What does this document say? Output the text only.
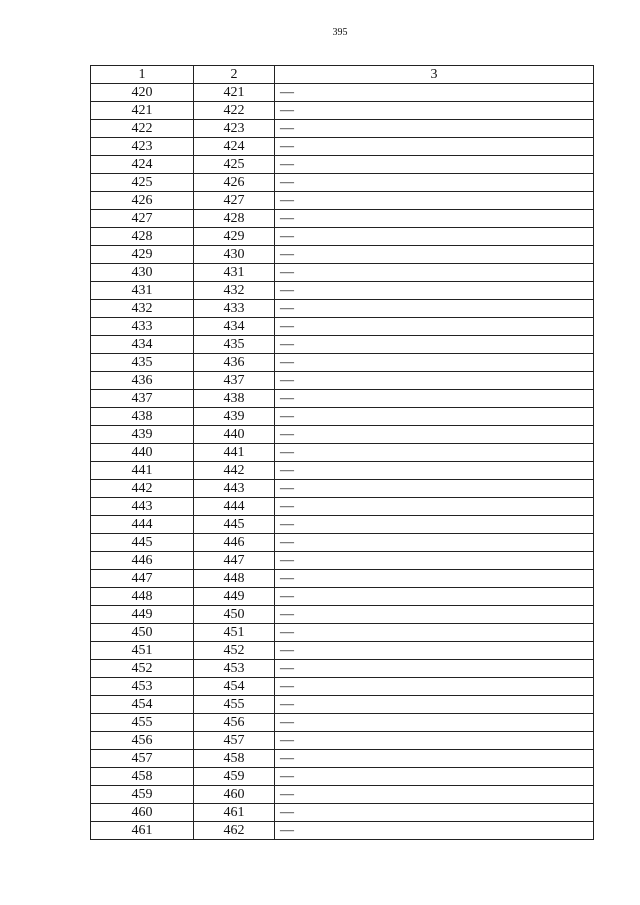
395
1	2	3
420	421	—
421	422	—
422	423	—
423	424	—
424	425	—
425	426	—
426	427	—
427	428	—
428	429	—
429	430	—
430	431	—
431	432	—
432	433	—
433	434	—
434	435	—
435	436	—
436	437	—
437	438	—
438	439	—
439	440	—
440	441	—
441	442	—
442	443	—
443	444	—
444	445	—
445	446	—
446	447	—
447	448	—
448	449	—
449	450	—
450	451	—
451	452	—
452	453	—
453	454	—
454	455	—
455	456	—
456	457	—
457	458	—
458	459	—
459	460	—
460	461	—
461	462	—
